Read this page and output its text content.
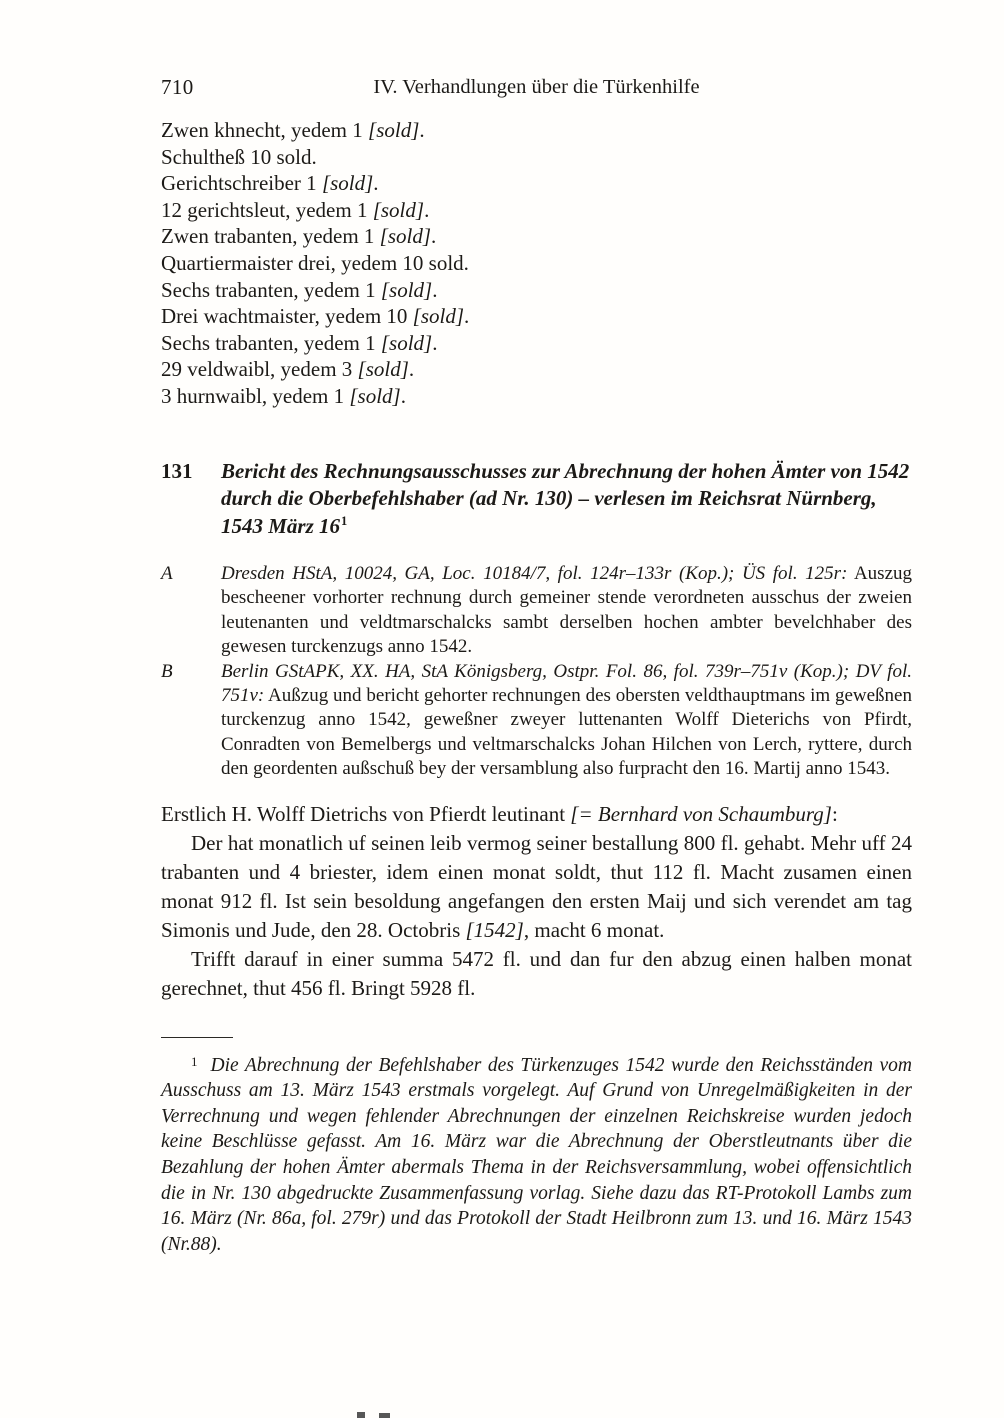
710	IV. Verhandlungen über die Türkenhilfe
Zwen khnecht, yedem 1 [sold].
Schultheß 10 sold.
Gerichtschreiber 1 [sold].
12 gerichtsleut, yedem 1 [sold].
Zwen trabanten, yedem 1 [sold].
Quartiermaister drei, yedem 10 sold.
Sechs trabanten, yedem 1 [sold].
Drei wachtmaister, yedem 10 [sold].
Sechs trabanten, yedem 1 [sold].
29 veldwaibl, yedem 3 [sold].
3 hurnwaibl, yedem 1 [sold].
131 Bericht des Rechnungsausschusses zur Abrechnung der hohen Ämter von 1542 durch die Oberbefehlshaber (ad Nr. 130) – verlesen im Reichsrat Nürnberg, 1543 März $16^1$
A	Dresden HStA, 10024, GA, Loc. 10184/7, fol. 124r–133r (Kop.); ÜS fol. 125r: Auszug bescheener vorhorter rechnung durch gemeiner stende verordneten ausschus der zweien leutenanten und veldtmarschalcks sambt derselben hochen ambter bevelchhaber des gewesen turckenzugs anno 1542.
B	Berlin GStAPK, XX. HA, StA Königsberg, Ostpr. Fol. 86, fol. 739r–751v (Kop.); DV fol. 751v: Außzug und bericht gehorter rechnungen des obersten veldthauptmans im geweßnen turckenzug anno 1542, geweßner zweyer luttenanten Wolff Dieterichs von Pfirdt, Conradten von Bemelbergs und veltmarschalcks Johan Hilchen von Lerch, ryttere, durch den geordenten außschuß bey der versamblung also furpracht den 16. Martij anno 1543.

Erstlich H. Wolff Dietrichs von Pfierdt leutinant [= Bernhard von Schaumburg]:

Der hat monatlich uf seinen leib vermog seiner bestallung 800 fl. gehabt. Mehr uff 24 trabanten und 4 briester, idem einen monat soldt, thut 112 fl. Macht zusamen einen monat 912 fl. Ist sein besoldung angefangen den ersten Maij und sich verendet am tag Simonis und Jude, den 28. Octobris [1542], macht 6 monat.

Trifft darauf in einer summa 5472 fl. und dan fur den abzug einen halben monat gerechnet, thut 456 fl. Bringt 5928 fl.

$^1$ Die Abrechnung der Befehlshaber des Türkenzuges 1542 wurde den Reichsständen vom Ausschuss am 13. März 1543 erstmals vorgelegt. Auf Grund von Unregelmäßigkeiten in der Verrechnung und wegen fehlender Abrechnungen der einzelnen Reichskreise wurden jedoch keine Beschlüsse gefasst. Am 16. März war die Abrechnung der Oberstleutnants über die Bezahlung der hohen Ämter abermals Thema in der Reichsversammlung, wobei offensichtlich die in Nr. 130 abgedruckte Zusammenfassung vorlag. Siehe dazu das RT-Protokoll Lambs zum 16. März (Nr. 86a, fol. 279r) und das Protokoll der Stadt Heilbronn zum 13. und 16. März 1543 (Nr.88).
